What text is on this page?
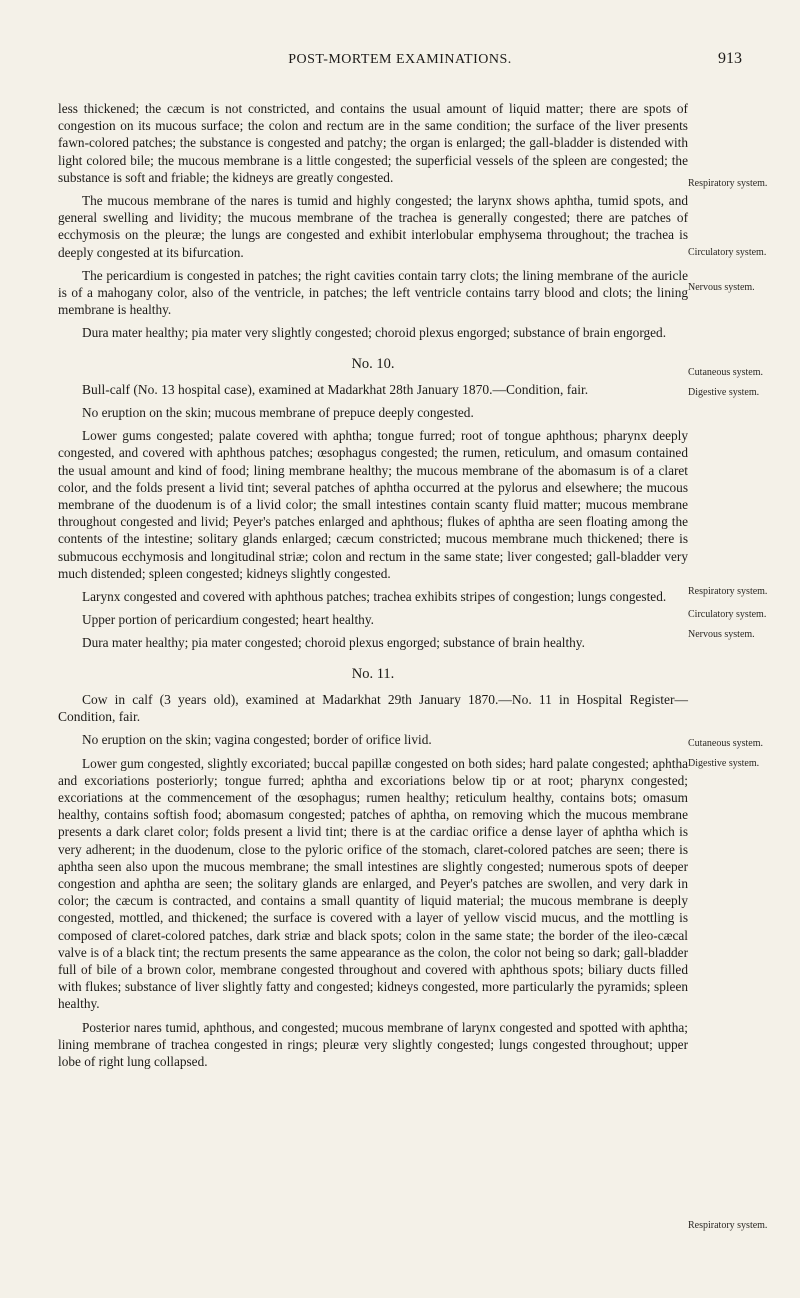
POST-MORTEM EXAMINATIONS.	913

less thickened; the cæcum is not constricted, and contains the usual amount of liquid matter; there are spots of congestion on its mucous surface; the colon and rectum are in the same condition; the surface of the liver presents fawn-colored patches; the substance is congested and patchy; the organ is enlarged; the gall-bladder is distended with light colored bile; the mucous membrane is a little congested; the superficial vessels of the spleen are congested; the substance is soft and friable; the kidneys are greatly congested.

The mucous membrane of the nares is tumid and highly congested; the larynx shows aphtha, tumid spots, and general swelling and lividity; the mucous membrane of the trachea is generally congested; there are patches of ecchymosis on the pleuræ; the lungs are congested and exhibit interlobular emphysema throughout; the trachea is deeply congested at its bifurcation.

The pericardium is congested in patches; the right cavities contain tarry clots; the lining membrane of the auricle is of a mahogany color, also of the ventricle, in patches; the left ventricle contains tarry blood and clots; the lining membrane is healthy.

Dura mater healthy; pia mater very slightly congested; choroid plexus engorged; substance of brain engorged.

No. 10.

Bull-calf (No. 13 hospital case), examined at Madarkhat 28th January 1870.—Condition, fair.

No eruption on the skin; mucous membrane of prepuce deeply congested.

Lower gums congested; palate covered with aphtha; tongue furred; root of tongue aphthous; pharynx deeply congested, and covered with aphthous patches; œsophagus congested; the rumen, reticulum, and omasum contained the usual amount and kind of food; lining membrane healthy; the mucous membrane of the abomasum is of a claret color, and the folds present a livid tint; several patches of aphtha occurred at the pylorus and elsewhere; the mucous membrane of the duodenum is of a livid color; the small intestines contain scanty fluid matter; mucous membrane throughout congested and livid; Peyer's patches enlarged and aphthous; flukes of aphtha are seen floating among the contents of the intestine; solitary glands enlarged; cæcum constricted; mucous membrane much thickened; there is submucous ecchymosis and longitudinal striæ; colon and rectum in the same state; liver congested; gall-bladder very much distended; spleen congested; kidneys slightly congested.

Larynx congested and covered with aphthous patches; trachea exhibits stripes of congestion; lungs congested.

Upper portion of pericardium congested; heart healthy.

Dura mater healthy; pia mater congested; choroid plexus engorged; substance of brain healthy.

No. 11.

Cow in calf (3 years old), examined at Madarkhat 29th January 1870.—No. 11 in Hospital Register—Condition, fair.

No eruption on the skin; vagina congested; border of orifice livid.

Lower gum congested, slightly excoriated; buccal papillæ congested on both sides; hard palate congested; aphtha and excoriations posteriorly; tongue furred; aphtha and excoriations below tip or at root; pharynx congested; excoriations at the commencement of the œsophagus; rumen healthy; reticulum healthy, contains bots; omasum healthy, contains softish food; abomasum congested; patches of aphtha, on removing which the mucous membrane presents a dark claret color; folds present a livid tint; there is at the cardiac orifice a dense layer of aphtha which is very adherent; in the duodenum, close to the pyloric orifice of the stomach, claret-colored patches are seen; there is aphtha seen also upon the mucous membrane; the small intestines are slightly congested; numerous spots of deeper congestion and aphtha are seen; the solitary glands are enlarged, and Peyer's patches are swollen, and very dark in color; the cæcum is contracted, and contains a small quantity of liquid material; the mucous membrane is deeply congested, mottled, and thickened; the surface is covered with a layer of yellow viscid mucus, and the mottling is composed of claret-colored patches, dark striæ and black spots; colon in the same state; the border of the ileo-cæcal valve is of a black tint; the rectum presents the same appearance as the colon, the color not being so dark; gall-bladder full of bile of a brown color, membrane congested throughout and covered with aphthous spots; biliary ducts filled with flukes; substance of liver slightly fatty and congested; kidneys congested, more particularly the pyramids; spleen healthy.

Posterior nares tumid, aphthous, and congested; mucous membrane of larynx congested and spotted with aphtha; lining membrane of trachea congested in rings; pleuræ very slightly congested; lungs congested throughout; upper lobe of right lung collapsed.

Respiratory system.
Circulatory system.
Nervous system.
Cutaneous system.
Digestive system.
Respiratory system.
Circulatory system.
Nervous system.
Cutaneous system.
Digestive system.
Respiratory system.
